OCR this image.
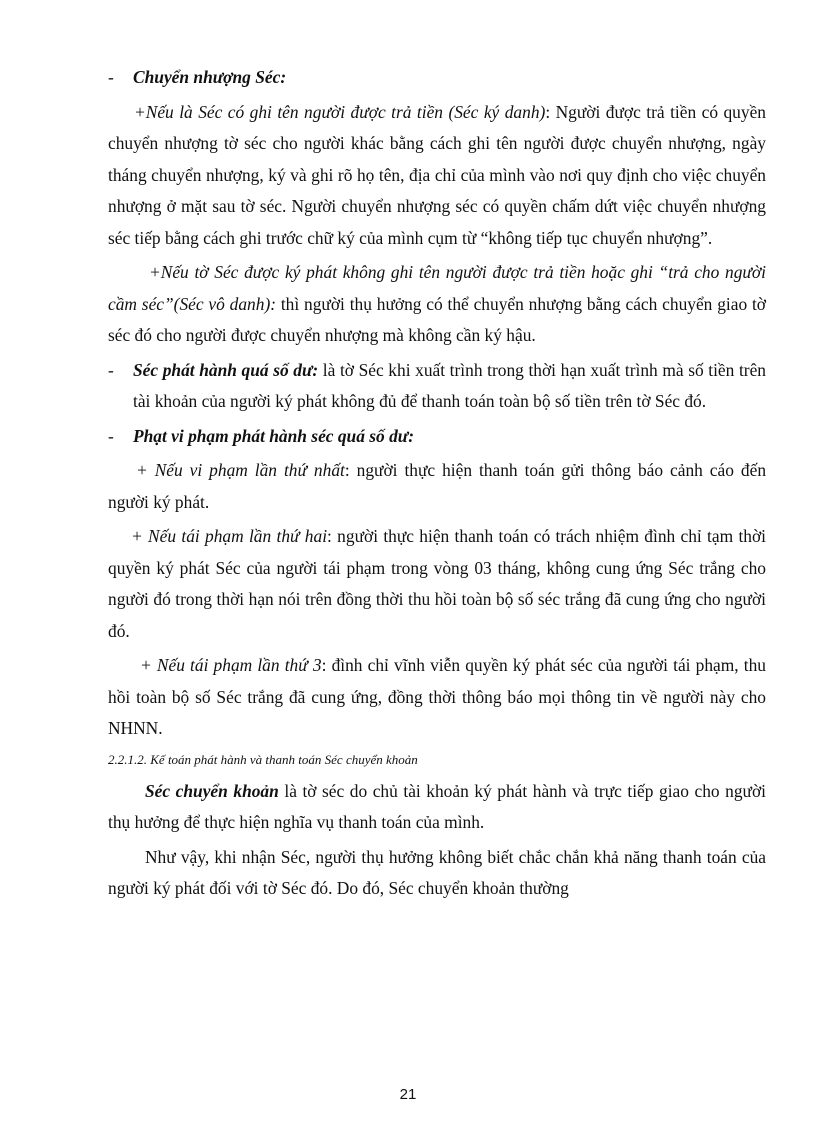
-	Chuyển nhượng Séc:

+Nếu là Séc có ghi tên người được trả tiền (Séc ký danh): Người được trả tiền có quyền chuyển nhượng tờ séc cho người khác bằng cách ghi tên người được chuyển nhượng, ngày tháng chuyển nhượng, ký và ghi rõ họ tên, địa chỉ của mình vào nơi quy định cho việc chuyển nhượng ở mặt sau tờ séc. Người chuyển nhượng séc có quyền chấm dứt việc chuyển nhượng séc tiếp bằng cách ghi trước chữ ký của mình cụm từ “không tiếp tục chuyển nhượng”.

+Nếu tờ Séc được ký phát không ghi tên người được trả tiền hoặc ghi “trả cho người cầm séc”(Séc vô danh): thì người thụ hưởng có thể chuyển nhượng bằng cách chuyển giao tờ séc đó cho người được chuyển nhượng mà không cần ký hậu.

-	Séc phát hành quá số dư: là tờ Séc khi xuất trình trong thời hạn xuất trình mà số tiền trên tài khoản của người ký phát không đủ để thanh toán toàn bộ số tiền trên tờ Séc đó.
-	Phạt vi phạm phát hành séc quá số dư:

+ Nếu vi phạm lần thứ nhất: người thực hiện thanh toán gửi thông báo cảnh cáo đến người ký phát.

+ Nếu tái phạm lần thứ hai: người thực hiện thanh toán có trách nhiệm đình chỉ tạm thời quyền ký phát Séc của người tái phạm trong vòng 03 tháng, không cung ứng Séc trắng cho người đó trong thời hạn nói trên đồng thời thu hồi toàn bộ số séc trắng đã cung ứng cho người đó.

+ Nếu tái phạm lần thứ 3: đình chỉ vĩnh viễn quyền ký phát séc của người tái phạm, thu hồi toàn bộ số Séc trắng đã cung ứng, đồng thời thông báo mọi thông tin về người này cho NHNN.

2.2.1.2. Kế toán phát hành và thanh toán Séc chuyển khoản

Séc chuyển khoản là tờ séc do chủ tài khoản ký phát hành và trực tiếp giao cho người thụ hưởng để thực hiện nghĩa vụ thanh toán của mình.

Như vậy, khi nhận Séc, người thụ hưởng không biết chắc chắn khả năng thanh toán của người ký phát đối với tờ Séc đó. Do đó, Séc chuyển khoản thường

21
